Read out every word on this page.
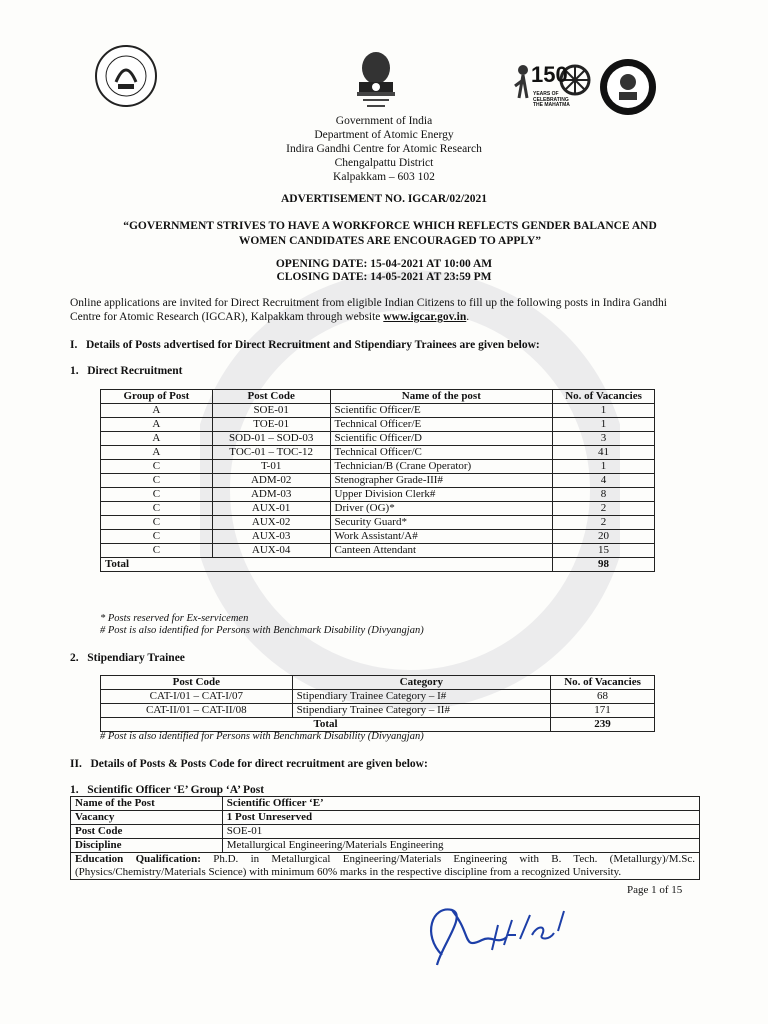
150
YEARS OF CELEBRATING THE MAHATMA
Government of India
Department of Atomic Energy
Indira Gandhi Centre for Atomic Research
Chengalpattu District
Kalpakkam – 603 102
ADVERTISEMENT NO. IGCAR/02/2021
“GOVERNMENT STRIVES TO HAVE A WORKFORCE WHICH REFLECTS GENDER BALANCE AND WOMEN CANDIDATES ARE ENCOURAGED TO APPLY”
OPENING DATE: 15-04-2021 AT 10:00 AM
CLOSING DATE: 14-05-2021 AT 23:59 PM
Online applications are invited for Direct Recruitment from eligible Indian Citizens to fill up the following posts in Indira Gandhi Centre for Atomic Research (IGCAR), Kalpakkam through website www.igcar.gov.in.
I.   Details of Posts advertised for Direct Recruitment and Stipendiary Trainees are given below:
1.   Direct Recruitment
Group of Post	Post Code	Name of the post	No. of Vacancies
A	SOE-01	Scientific Officer/E	1
A	TOE-01	Technical Officer/E	1
A	SOD-01 – SOD-03	Scientific Officer/D	3
A	TOC-01 – TOC-12	Technical Officer/C	41
C	T-01	Technician/B (Crane Operator)	1
C	ADM-02	Stenographer Grade-III#	4
C	ADM-03	Upper Division Clerk#	8
C	AUX-01	Driver (OG)*	2
C	AUX-02	Security Guard*	2
C	AUX-03	Work Assistant/A#	20
C	AUX-04	Canteen Attendant	15
Total			98
* Posts reserved for Ex-servicemen
# Post is also identified for Persons with Benchmark Disability (Divyangjan)
2.   Stipendiary Trainee
Post Code	Category	No. of Vacancies
CAT-I/01 – CAT-I/07	Stipendiary Trainee Category – I#	68
CAT-II/01 – CAT-II/08	Stipendiary Trainee Category – II#	171
Total		239
# Post is also identified for Persons with Benchmark Disability (Divyangjan)
II.   Details of Posts & Posts Code for direct recruitment are given below:
1.   Scientific Officer ‘E’ Group ‘A’ Post
Name of the Post	Scientific Officer ‘E’
Vacancy	1 Post Unreserved
Post Code	SOE-01
Discipline	Metallurgical Engineering/Materials Engineering
Education Qualification: Ph.D. in Metallurgical Engineering/Materials Engineering with B. Tech. (Metallurgy)/M.Sc. (Physics/Chemistry/Materials Science) with minimum 60% marks in the respective discipline from a recognized University.	
Page 1 of 15
